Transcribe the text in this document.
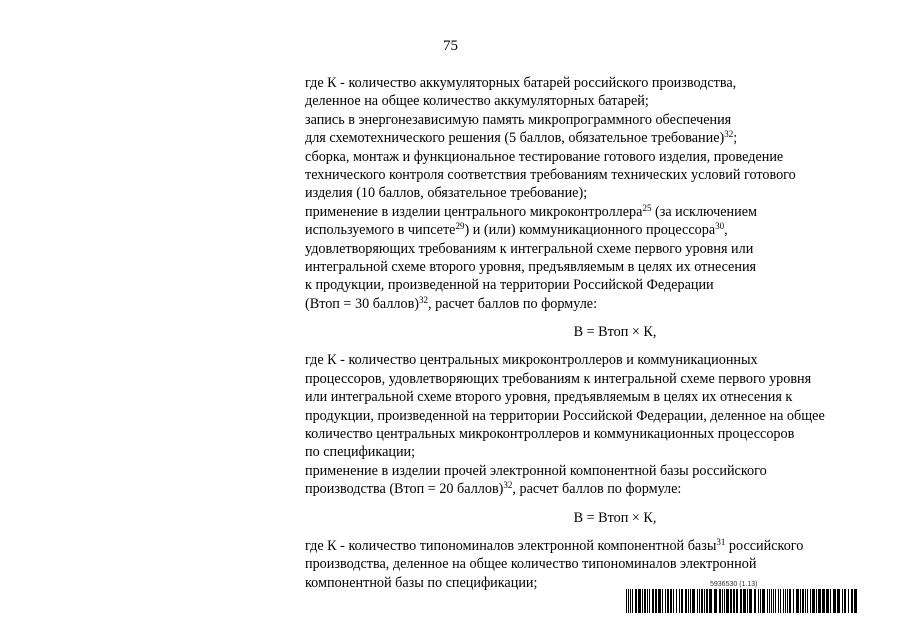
75
где К - количество аккумуляторных батарей российского производства,
деленное на общее количество аккумуляторных батарей;
запись в энергонезависимую память микропрограммного обеспечения
для схемотехнического решения (5 баллов, обязательное требование)$^{32}$;
сборка, монтаж и функциональное тестирование готового изделия, проведение
технического контроля соответствия требованиям технических условий готового
изделия (10 баллов, обязательное требование);
применение в изделии центрального микроконтроллера$^{25}$ (за исключением
используемого в чипсете$^{29}$) и (или) коммуникационного процессора$^{30}$,
удовлетворяющих требованиям к интегральной схеме первого уровня или
интегральной схеме второго уровня, предъявляемым в целях их отнесения
к продукции, произведенной на территории Российской Федерации
(Втоп = 30 баллов)$^{32}$, расчет баллов по формуле:
В = Втоп × К,
где К - количество центральных микроконтроллеров и коммуникационных
процессоров, удовлетворяющих требованиям к интегральной схеме первого уровня
или интегральной схеме второго уровня, предъявляемым в целях их отнесения к
продукции, произведенной на территории Российской Федерации, деленное на общее
количество центральных микроконтроллеров и коммуникационных процессоров
по спецификации;
применение в изделии прочей электронной компонентной базы российского
производства (Втоп = 20 баллов)$^{32}$, расчет баллов по формуле:
В = Втоп × К,
где К - количество типономиналов электронной компонентной базы$^{31}$ российского
производства, деленное на общее количество типономиналов электронной
компонентной базы по спецификации;	5936530 (1.13)
